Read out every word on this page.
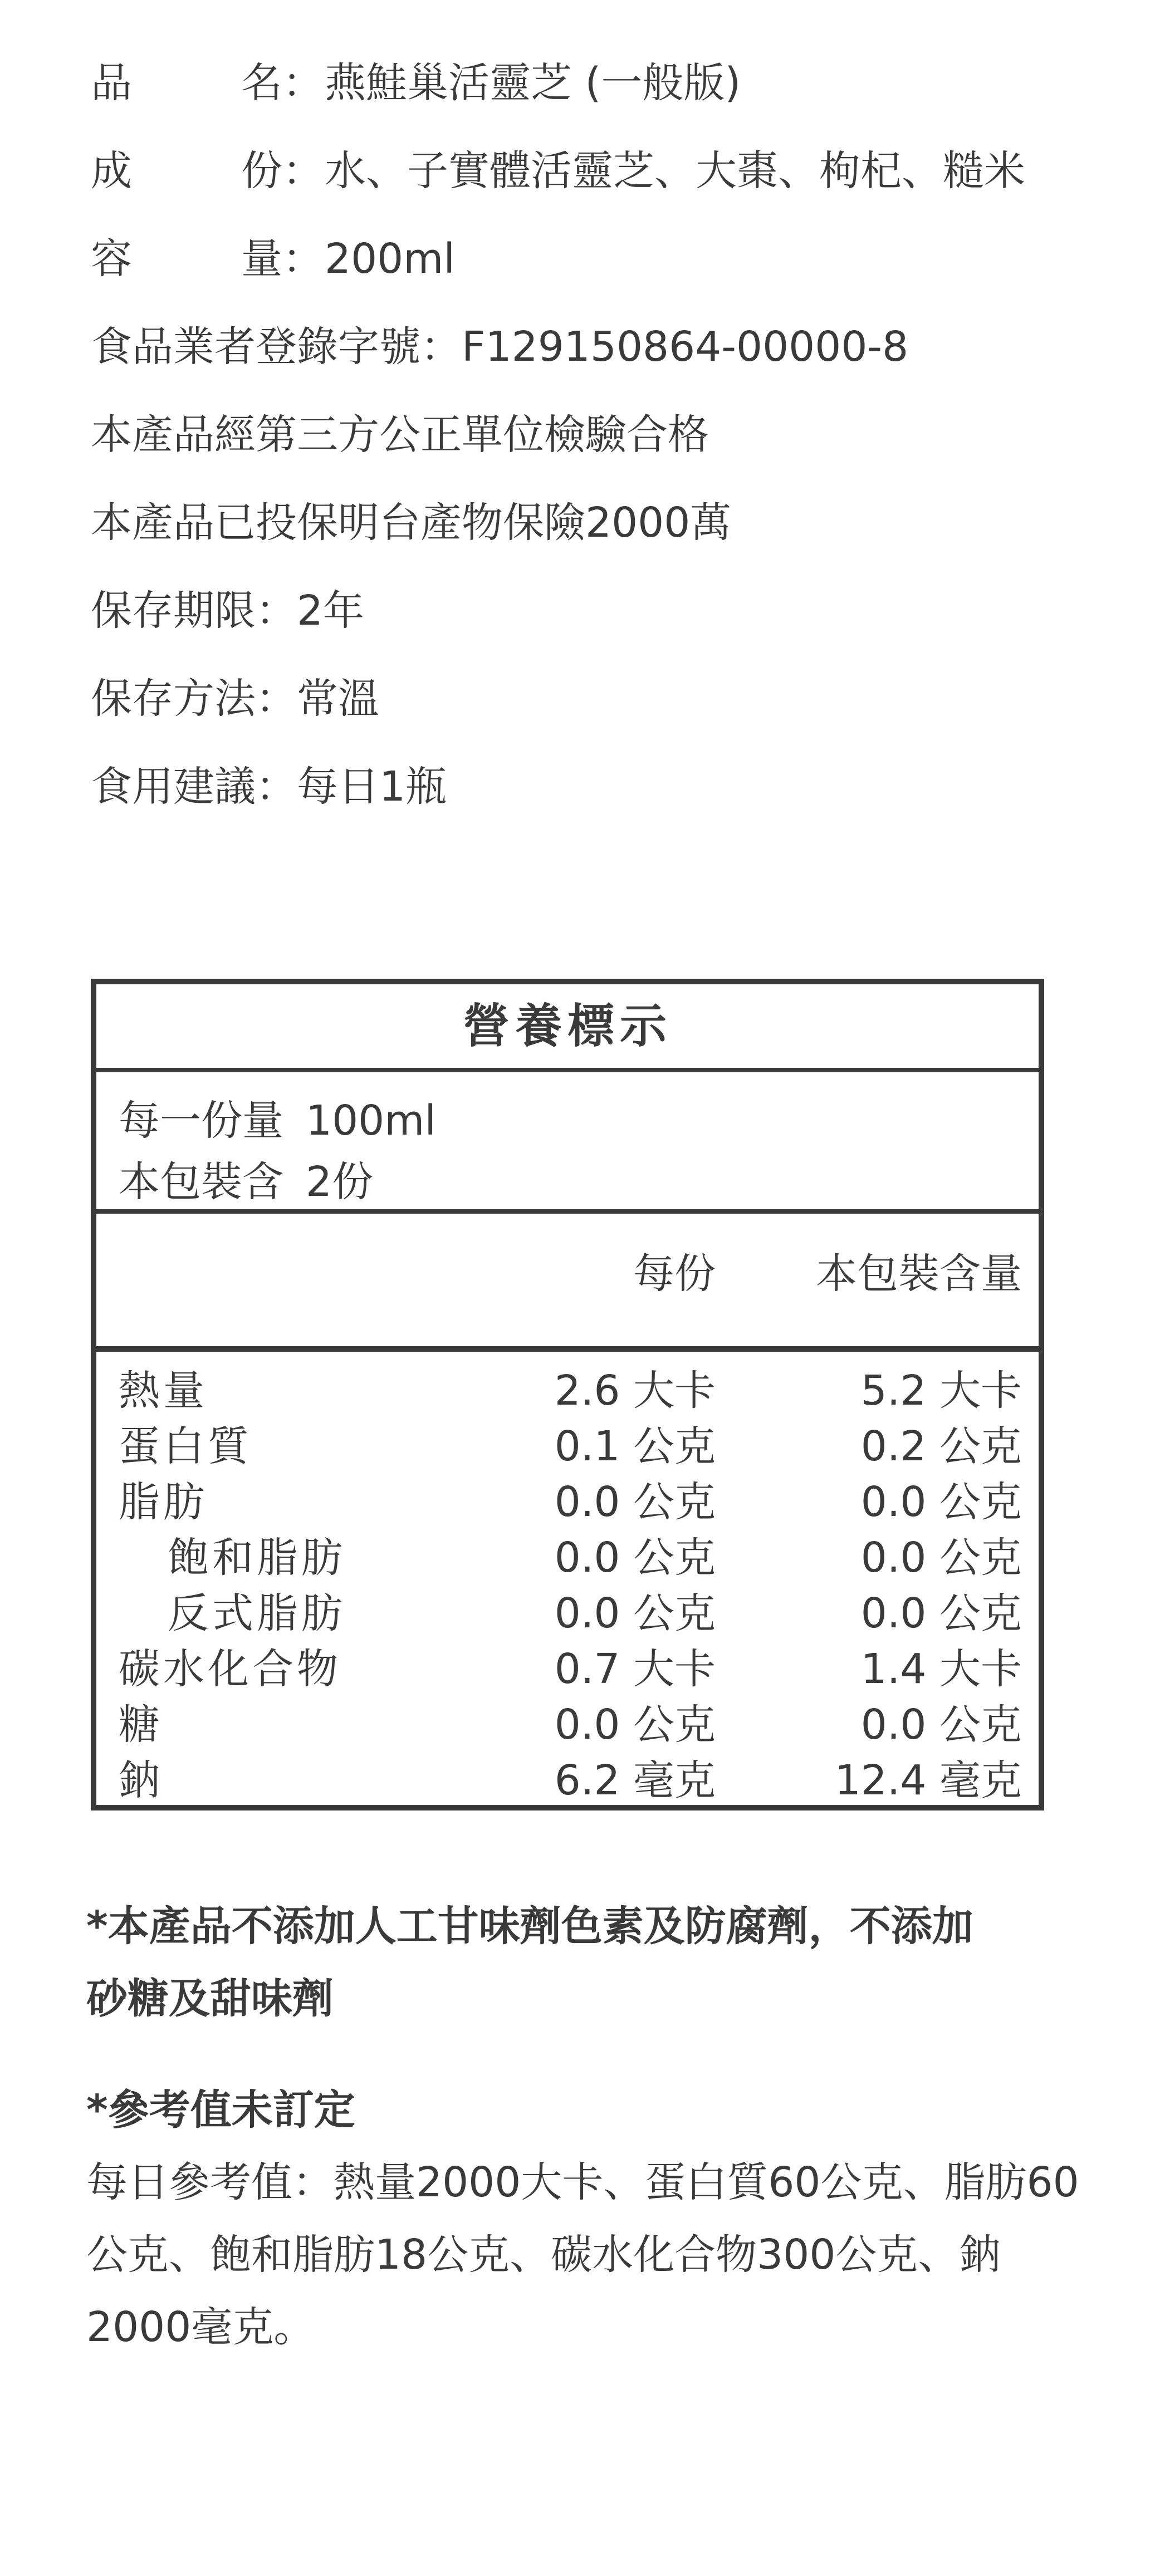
品	名：燕鮭巢活靈芝 (一般版)
成	份：水、子實體活靈芝、大棗、枸杞、糙米
容	量：200ml
食品業者登錄字號：F129150864-00000-8
本產品經第三方公正單位檢驗合格
本產品已投保明台產物保險2000萬
保存期限：2年
保存方法：常溫
食用建議：每日1瓶
營養標示
每一份量 100ml
本包裝含 2份
每份 本包裝含量
熱量	2.6 大卡	5.2 大卡
蛋白質	0.1 公克	0.2 公克
脂肪	0.0 公克	0.0 公克
飽和脂肪	0.0 公克	0.0 公克
反式脂肪	0.0 公克	0.0 公克
碳水化合物	0.7 大卡	1.4 大卡
糖	0.0 公克	0.0 公克
鈉	6.2 毫克	12.4 毫克
*本產品不添加人工甘味劑色素及防腐劑，不添加
砂糖及甜味劑
*參考值未訂定
每日參考值：熱量2000大卡、蛋白質60公克、脂肪60
公克、飽和脂肪18公克、碳水化合物300公克、鈉
2000毫克。
